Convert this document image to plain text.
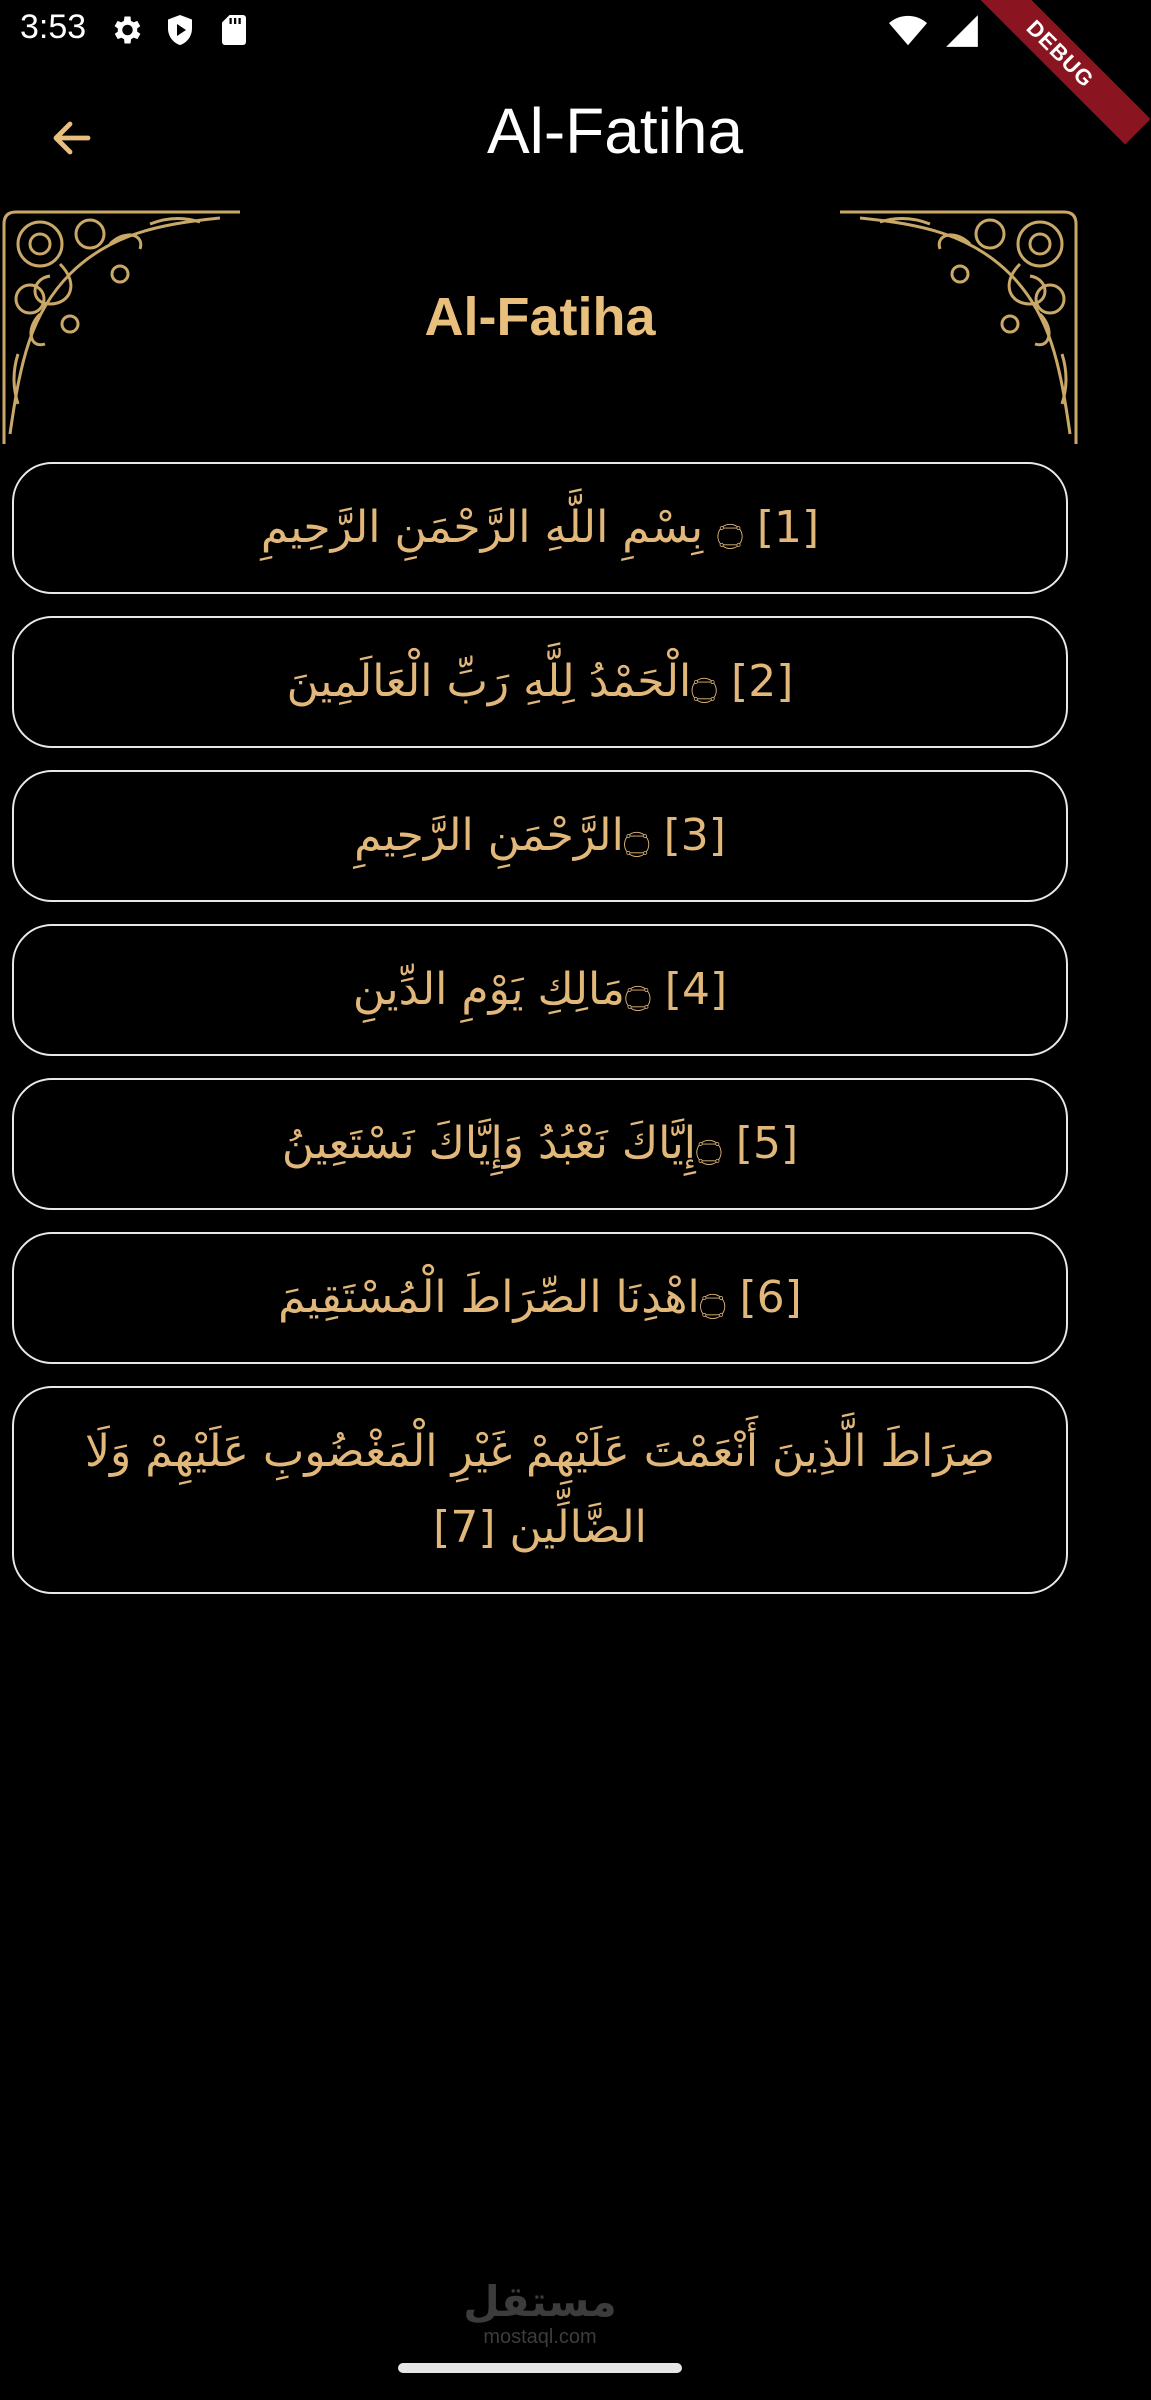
3:53	DEBUG
Al-Fatiha
Al-Fatiha
[1] ۝ بِسْمِ اللَّهِ الرَّحْمَنِ الرَّحِيمِ
[2] ۝الْحَمْدُ لِلَّهِ رَبِّ الْعَالَمِينَ
[3] ۝الرَّحْمَنِ الرَّحِيمِ
[4] ۝مَالِكِ يَوْمِ الدِّينِ
[5] ۝إِيَّاكَ نَعْبُدُ وَإِيَّاكَ نَسْتَعِينُ
[6] ۝اهْدِنَا الصِّرَاطَ الْمُسْتَقِيمَ
صِرَاطَ الَّذِينَ أَنْعَمْتَ عَلَيْهِمْ غَيْرِ الْمَغْضُوبِ عَلَيْهِمْ وَلَا الضَّالِّين [7]
مستقل
mostaql.com
